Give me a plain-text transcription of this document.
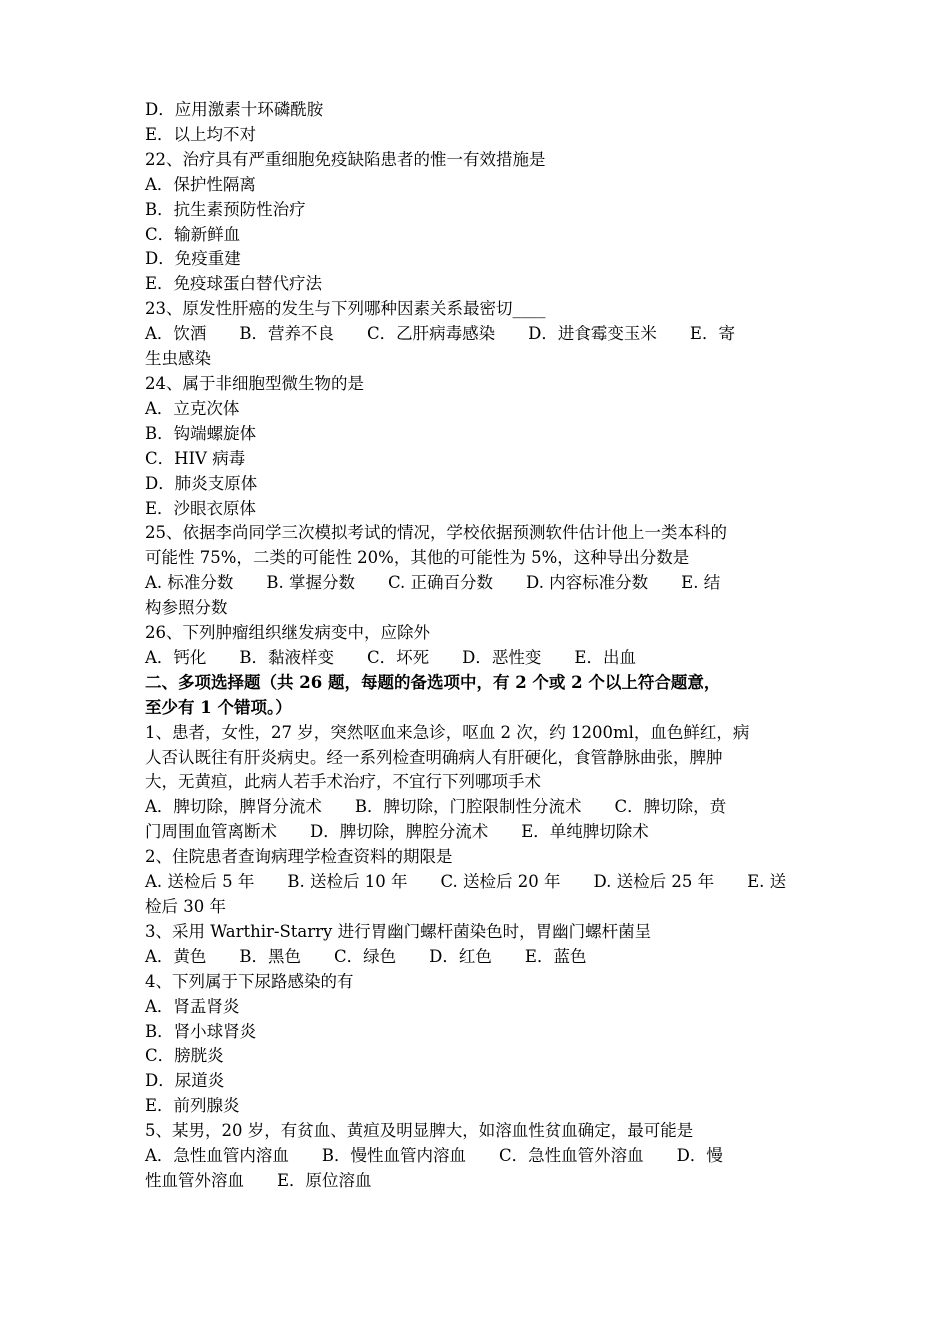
D．应用激素十环磷酰胺

E．以上均不对

22、治疗具有严重细胞免疫缺陷患者的惟一有效措施是

A．保护性隔离

B．抗生素预防性治疗

C．输新鲜血

D．免疫重建

E．免疫球蛋白替代疗法

23、原发性肝癌的发生与下列哪种因素关系最密切____

A．饮酒　　B．营养不良　　C．乙肝病毒感染　　D．进食霉变玉米　　E．寄

生虫感染

24、属于非细胞型微生物的是

A．立克次体

B．钩端螺旋体

C．HIV 病毒

D．肺炎支原体

E．沙眼衣原体

25、依据李尚同学三次模拟考试的情况，学校依据预测软件估计他上一类本科的

可能性 75%，二类的可能性 20%，其他的可能性为 5%，这种导出分数是

A. 标准分数　　B. 掌握分数　　C. 正确百分数　　D. 内容标准分数　　E. 结

构参照分数

26、下列肿瘤组织继发病变中，应除外

A．钙化　　B．黏液样变　　C．坏死　　D．恶性变　　E．出血

二、多项选择题（共 26 题，每题的备选项中，有 2 个或 2 个以上符合题意，

至少有 1 个错项。）

1、患者，女性，27 岁，突然呕血来急诊，呕血 2 次，约 1200ml，血色鲜红，病

人否认既往有肝炎病史。经一系列检查明确病人有肝硬化，食管静脉曲张，脾肿

大，无黄疸，此病人若手术治疗，不宜行下列哪项手术

A．脾切除，脾肾分流术　　B．脾切除，门腔限制性分流术　　C．脾切除，贲

门周围血管离断术　　D．脾切除，脾腔分流术　　E．单纯脾切除术

2、住院患者查询病理学检查资料的期限是

A. 送检后 5 年　　B. 送检后 10 年　　C. 送检后 20 年　　D. 送检后 25 年　　E. 送

检后 30 年

3、采用 Warthir-Starry 进行胃幽门螺杆菌染色时，胃幽门螺杆菌呈

A．黄色　　B．黑色　　C．绿色　　D．红色　　E．蓝色

4、下列属于下尿路感染的有

A．肾盂肾炎

B．肾小球肾炎

C．膀胱炎

D．尿道炎

E．前列腺炎

5、某男，20 岁，有贫血、黄疸及明显脾大，如溶血性贫血确定，最可能是

A．急性血管内溶血　　B．慢性血管内溶血　　C．急性血管外溶血　　D．慢

性血管外溶血　　E．原位溶血
